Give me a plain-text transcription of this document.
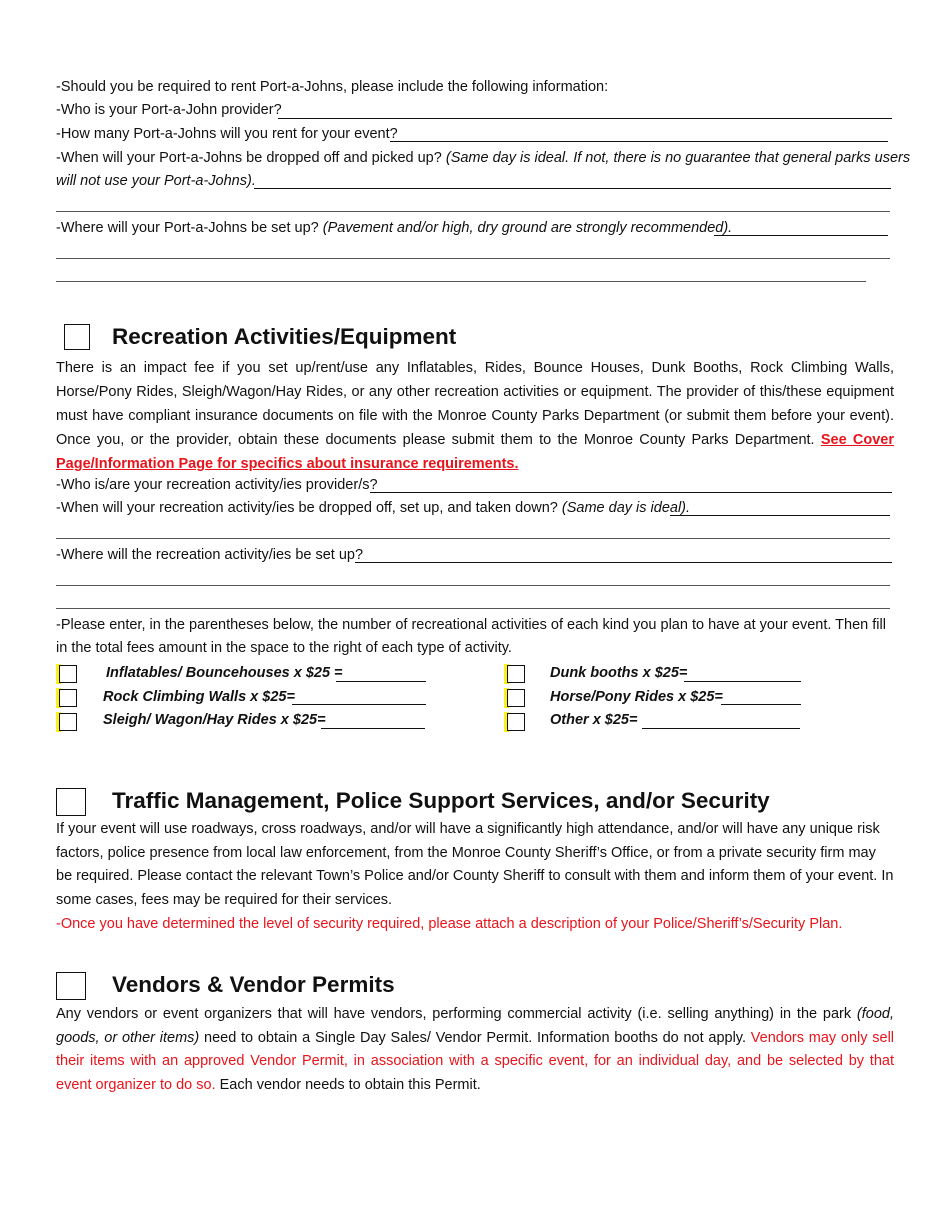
-Should you be required to rent Port-a-Johns, please include the following information:
-Who is your Port-a-John provider?
-How many Port-a-Johns will you rent for your event?
-When will your Port-a-Johns be dropped off and picked up? (Same day is ideal. If not, there is no guarantee that general parks users
will not use your Port-a-Johns).
-Where will your Port-a-Johns be set up? (Pavement and/or high, dry ground are strongly recommended).
Recreation Activities/Equipment
There is an impact fee if you set up/rent/use any Inflatables, Rides, Bounce Houses, Dunk Booths, Rock Climbing Walls, Horse/Pony Rides, Sleigh/Wagon/Hay Rides, or any other recreation activities or equipment. The provider of this/these equipment must have compliant insurance documents on file with the Monroe County Parks Department (or submit them before your event). Once you, or the provider, obtain these documents please submit them to the Monroe County Parks Department. See Cover Page/Information Page for specifics about insurance requirements.
-Who is/are your recreation activity/ies provider/s?
-When will your recreation activity/ies be dropped off, set up, and taken down? (Same day is ideal).
-Where will the recreation activity/ies be set up?
-Please enter, in the parentheses below, the number of recreational activities of each kind you plan to have at your event. Then fill in the total fees amount in the space to the right of each type of activity.
Inflatables/ Bouncehouses x $25 =
Rock Climbing Walls x $25=
Sleigh/ Wagon/Hay Rides x $25=
Dunk booths x $25=
Horse/Pony Rides x $25=
Other x $25=
Traffic Management, Police Support Services, and/or Security
If your event will use roadways, cross roadways, and/or will have a significantly high attendance, and/or will have any unique risk factors, police presence from local law enforcement, from the Monroe County Sheriff’s Office, or from a private security firm may be required. Please contact the relevant Town’s Police and/or County Sheriff to consult with them and inform them of your event. In some cases, fees may be required for their services.
-Once you have determined the level of security required, please attach a description of your Police/Sheriff’s/Security Plan.
Vendors & Vendor Permits
Any vendors or event organizers that will have vendors, performing commercial activity (i.e. selling anything) in the park (food, goods, or other items) need to obtain a Single Day Sales/ Vendor Permit. Information booths do not apply. Vendors may only sell their items with an approved Vendor Permit, in association with a specific event, for an individual day, and be selected by that event organizer to do so. Each vendor needs to obtain this Permit.
